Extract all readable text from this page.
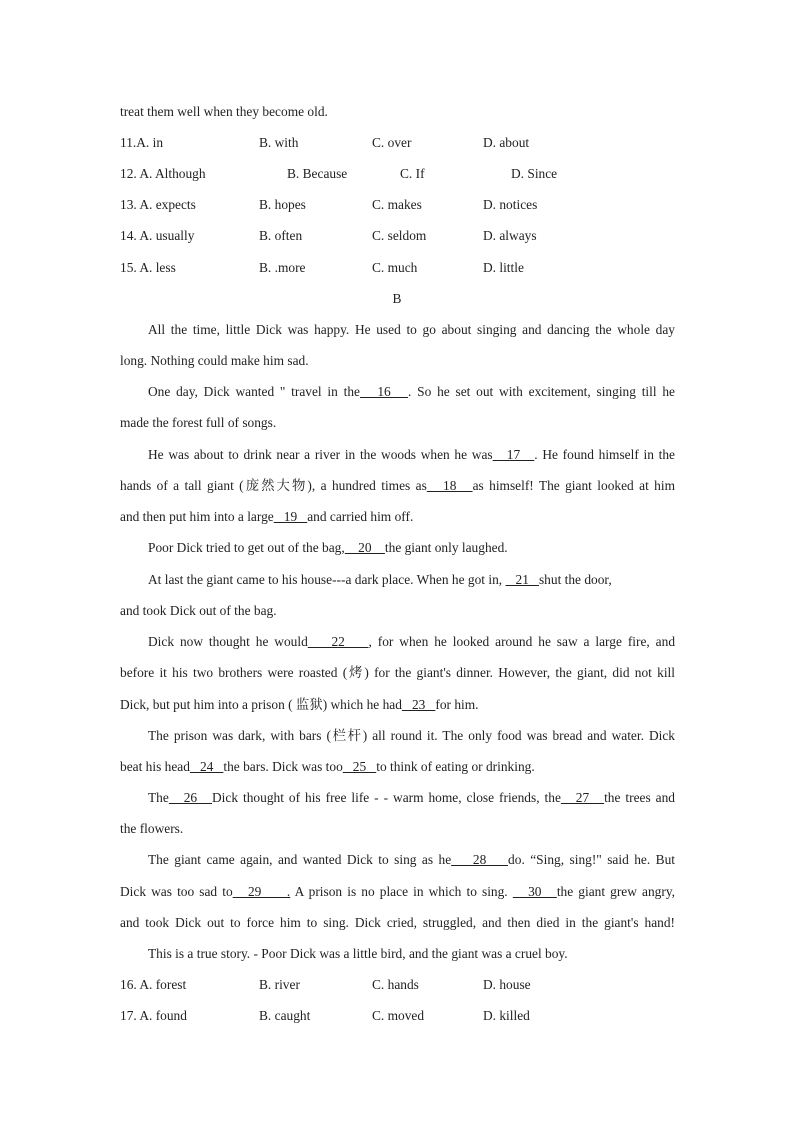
treat them well when they become old.
11.A. in	B. with	C. over	D. about
12. A. Although	B. Because	C. If	D. Since
13. A. expects	B. hopes	C. makes	D. notices
14. A. usually	B. often	C. seldom	D. always
15. A. less	B. .more	C. much	D. little
B
All the time, little Dick was happy. He used to go about singing and dancing the whole day
long. Nothing could make him sad.
One day, Dick wanted " travel in the   16   . So he set out with excitement, singing till he
made the forest full of songs.
He was about to drink near a river in the woods when he was   17   . He found himself in the
hands of a tall giant (庞然大物), a hundred times as   18   as himself! The giant looked at him
and then put him into a large   19   and carried him off.
Poor Dick tried to get out of the bag,    20    the giant only laughed.
At last the giant came to his house---a dark place. When he got in,    21   shut the door,
and took Dick out of the bag.
Dick now thought he would    22    , for when he looked around he saw a large fire, and
before it his two brothers were roasted (烤) for the giant's dinner. However, the giant, did not kill
Dick, but put him into a prison ( 监狱) which he had   23   for him.
The prison was dark, with bars (栏杆) all round it. The only food was bread and water. Dick
beat his head   24   the bars. Dick was too   25   to think of eating or drinking.
The   26   Dick thought of his free life - - warm home, close friends, the   27   the trees and
the flowers.
The giant came again, and wanted Dick to sing as he    28    do. “Sing, sing!" said he. But
Dick was too sad to   29     . A prison is no place in which to sing.    30   the giant grew angry,
and took Dick out to force him to sing. Dick cried, struggled, and then died in the giant's hand!
This is a true story. - Poor Dick was a little bird, and the giant was a cruel boy.
16. A. forest	B. river	C. hands	D. house
17. A. found	B. caught	C. moved	D. killed
